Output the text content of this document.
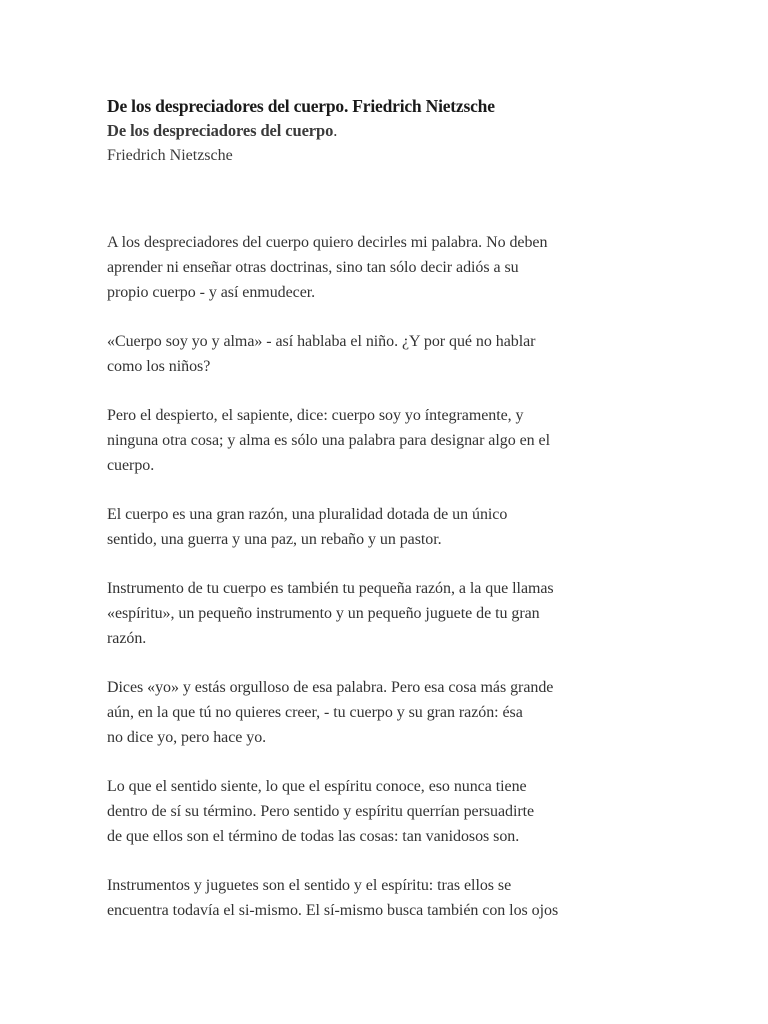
De los despreciadores del cuerpo. Friedrich Nietzsche
De los despreciadores del cuerpo.

Friedrich Nietzsche

A los despreciadores del cuerpo quiero decirles mi palabra. No deben
aprender ni enseñar otras doctrinas, sino tan sólo decir adiós a su
propio cuerpo - y así enmudecer.

«Cuerpo soy yo y alma» - así hablaba el niño. ¿Y por qué no hablar
como los niños?

Pero el despierto, el sapiente, dice: cuerpo soy yo íntegramente, y
ninguna otra cosa; y alma es sólo una palabra para designar algo en el
cuerpo.

El cuerpo es una gran razón, una pluralidad dotada de un único
sentido, una guerra y una paz, un rebaño y un pastor.

Instrumento de tu cuerpo es también tu pequeña razón, a la que llamas
«espíritu», un pequeño instrumento y un pequeño juguete de tu gran
razón.

Dices «yo» y estás orgulloso de esa palabra. Pero esa cosa más grande
aún, en la que tú no quieres creer, - tu cuerpo y su gran razón: ésa
no dice yo, pero hace yo.

Lo que el sentido siente, lo que el espíritu conoce, eso nunca tiene
dentro de sí su término. Pero sentido y espíritu querrían persuadirte
de que ellos son el término de todas las cosas: tan vanidosos son.

Instrumentos y juguetes son el sentido y el espíritu: tras ellos se
encuentra todavía el si-mismo. El sí-mismo busca también con los ojos
